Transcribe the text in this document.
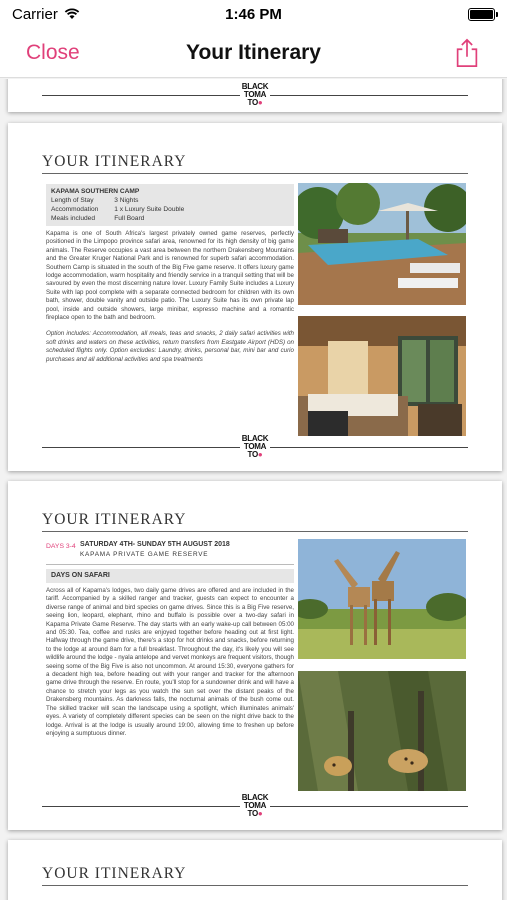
Carrier	1:46 PM
Close	Your Itinerary
BLACK
TOMA
TO●
YOUR ITINERARY
KAPAMA SOUTHERN CAMP
Length of Stay	3 Nights
Accommodation	1 x Luxury Suite Double
Meals included	Full Board

Kapama is one of South Africa's largest privately owned game reserves, perfectly positioned in the Limpopo province safari area, renowned for its high density of big game animals. The Reserve occupies a vast area between the northern Drakensberg Mountains and the Greater Kruger National Park and is renowned for superb safari accommodation. Southern Camp is situated in the south of the Big Five game reserve. It offers luxury game lodge accommodation, warm hospitality and friendly service in a tranquil setting that will be savoured by even the most discerning nature lover. Luxury Family Suite includes a Luxury Suite with lap pool complete with a separate connected bedroom for children with its own bath, shower, double vanity and outside patio. The Luxury Suite has its own private lap pool, inside and outside showers, large minibar, espresso machine and a romantic fireplace open to the bath and bedroom.

Option includes: Accommodation, all meals, teas and snacks, 2 daily safari activities with soft drinks and waters on these activities, return transfers from Eastgate Airport (HDS) on scheduled flights only. Option excludes: Laundry, drinks, personal bar, mini bar and curio purchases and all additional activities and spa treatments

BLACK
TOMA
TO●
YOUR ITINERARY
DAYS 3-4 SATURDAY 4TH- SUNDAY 5TH AUGUST 2018
KAPAMA PRIVATE GAME RESERVE
DAYS ON SAFARI

Across all of Kapama's lodges, two daily game drives are offered and are included in the tariff. Accompanied by a skilled ranger and tracker, guests can expect to encounter a diverse range of animal and bird species on game drives. Since this is a Big Five reserve, seeing lion, leopard, elephant, rhino and buffalo is possible over a two-day safari in Kapama Private Game Reserve. The day starts with an early wake-up call between 05:00 and 05:30. Tea, coffee and rusks are enjoyed together before heading out at first light. Halfway through the game drive, there's a stop for hot drinks and snacks, before returning to the lodge at around 8am for a full breakfast. Throughout the day, it's likely you will see wildlife around the lodge - nyala antelope and vervet monkeys are frequent visitors, though seeing some of the Big Five is also not uncommon. At around 15:30, everyone gathers for a decadent high tea, before heading out with your ranger and tracker for the afternoon game drive through the reserve. En route, you'll stop for a sundowner drink and will have a chance to stretch your legs as you watch the sun set over the distant peaks of the Drakensberg mountains. As darkness falls, the nocturnal animals of the bush come out. The skilled tracker will scan the landscape using a spotlight, which illuminates animals' eyes. A variety of completely different species can be seen on the night drive back to the lodge. Arrival is at the lodge is usually around 19:00, allowing time to freshen up before enjoying a sumptuous dinner.

BLACK
TOMA
TO●
YOUR ITINERARY
